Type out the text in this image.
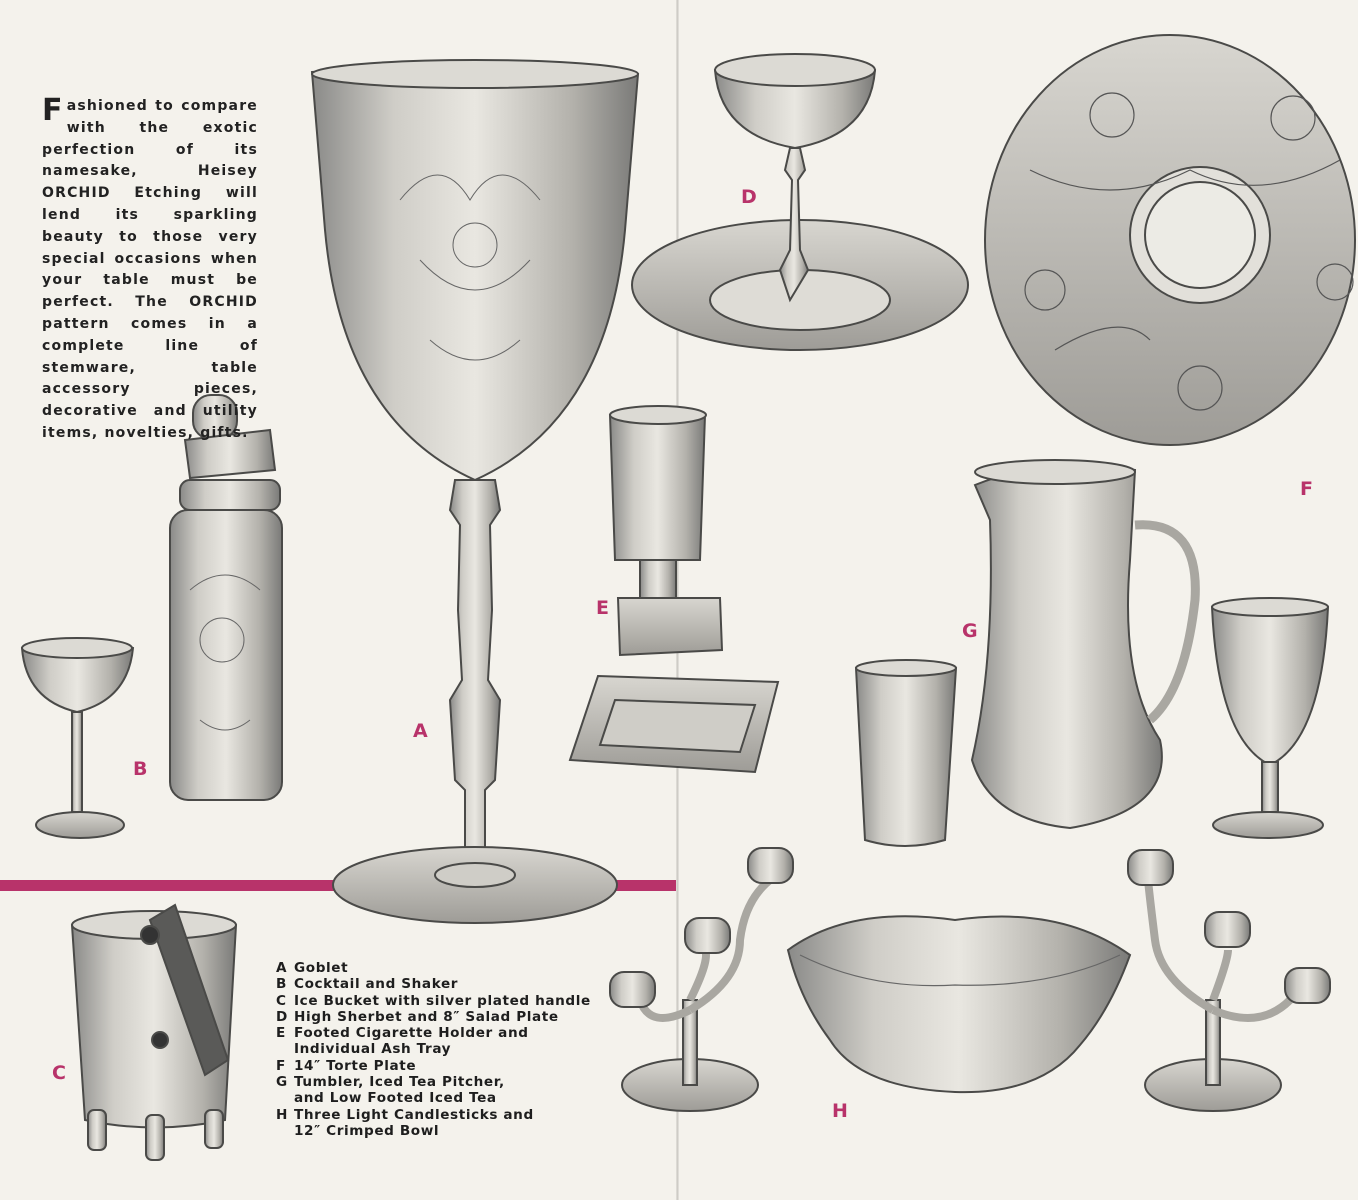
Fashioned to compare with the exotic perfection of its namesake, Heisey ORCHID Etching will lend its sparkling beauty to those very special occasions when your table must be perfect. The ORCHID pattern comes in a complete line of stemware, table accessory pieces, decorative and utility items, novelties, gifts.
A
B
C
D
E
F
G
H
A Goblet
B Cocktail and Shaker
C Ice Bucket with silver plated handle
D High Sherbet and 8″ Salad Plate
E Footed Cigarette Holder and
Individual Ash Tray
F 14″ Torte Plate
G Tumbler, Iced Tea Pitcher,
and Low Footed Iced Tea
H Three Light Candlesticks and
12″ Crimped Bowl
